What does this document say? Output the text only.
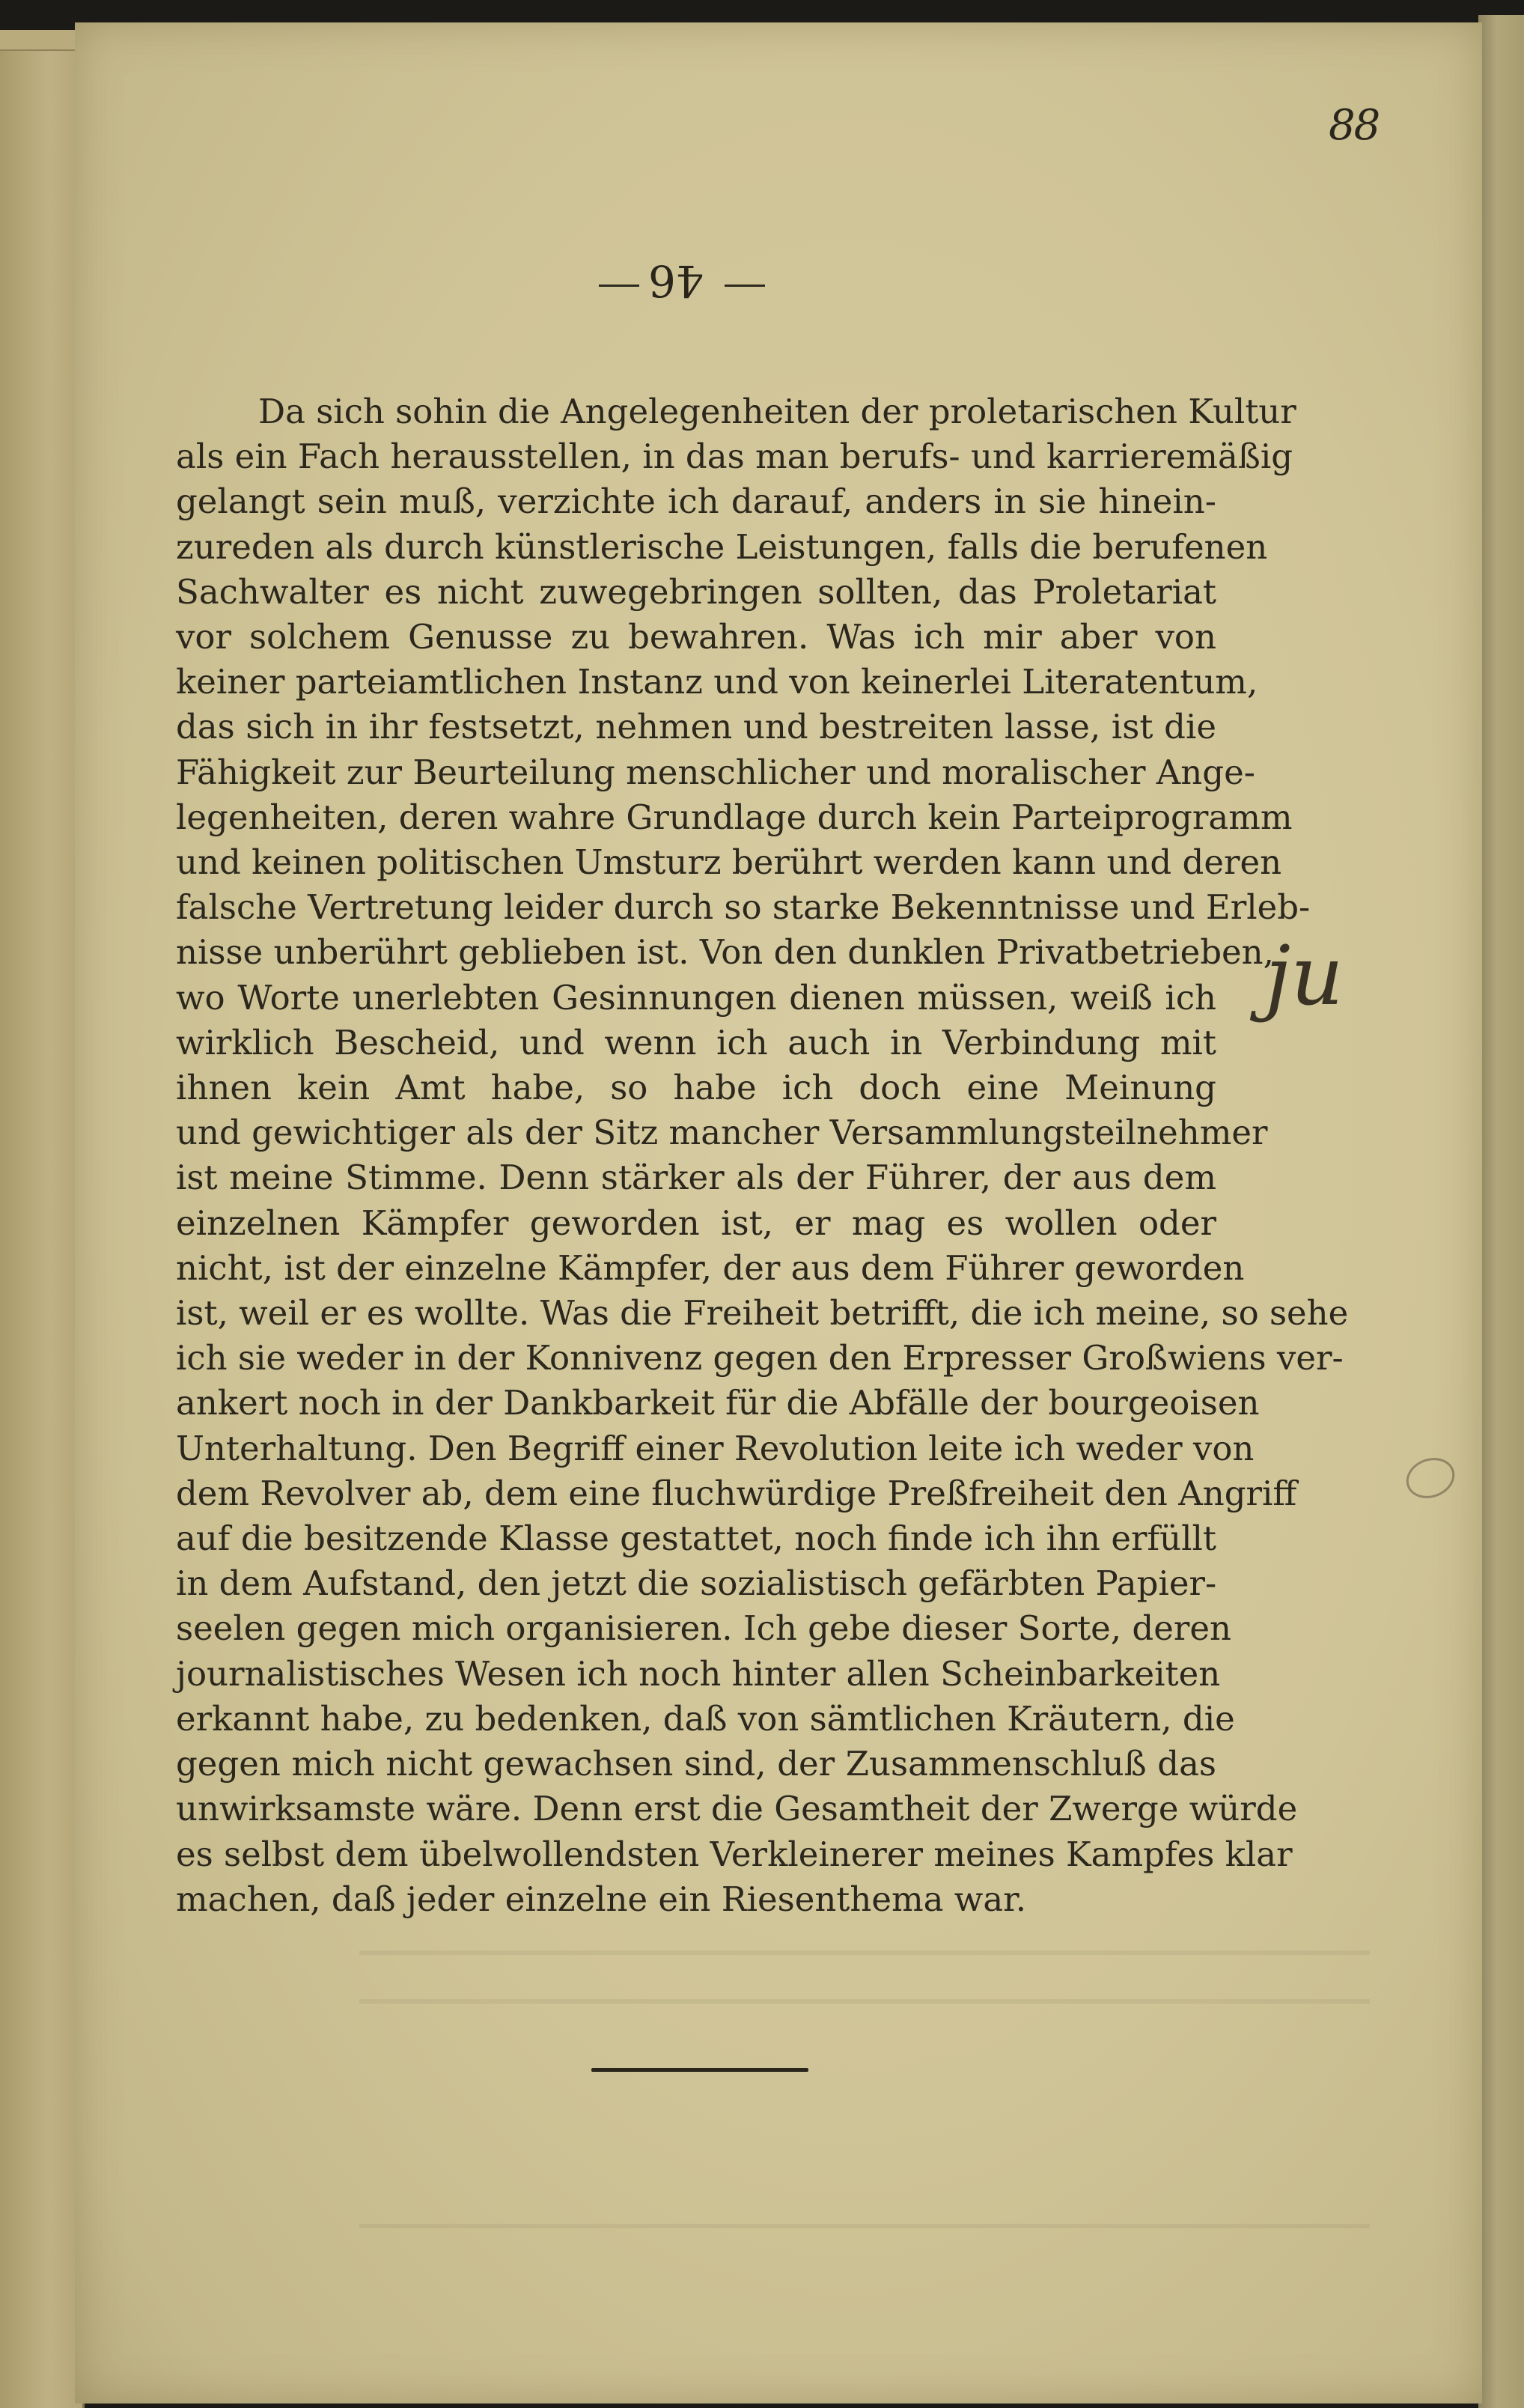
88
46

Da sich sohin die Angelegenheiten der proletarischen Kultur
als ein Fach herausstellen, in das man berufs- und karrieremäßig
gelangt sein muß, verzichte ich darauf, anders in sie hinein-
zureden als durch künstlerische Leistungen, falls die berufenen
Sachwalter es nicht zuwegebringen sollten, das Proletariat
vor solchem Genusse zu bewahren. Was ich mir aber von
keiner parteiamtlichen Instanz und von keinerlei Literatentum,
das sich in ihr festsetzt, nehmen und bestreiten lasse, ist die
Fähigkeit zur Beurteilung menschlicher und moralischer Ange-
legenheiten, deren wahre Grundlage durch kein Parteiprogramm
und keinen politischen Umsturz berührt werden kann und deren
falsche Vertretung leider durch so starke Bekenntnisse und Erleb-
nisse unberührt geblieben ist. Von den dunklen Privatbetrieben,
wo Worte unerlebten Gesinnungen dienen müssen, weiß ich
wirklich Bescheid, und wenn ich auch in Verbindung mit
ihnen kein Amt habe, so habe ich doch eine Meinung
und gewichtiger als der Sitz mancher Versammlungsteilnehmer
ist meine Stimme. Denn stärker als der Führer, der aus dem
einzelnen Kämpfer geworden ist, er mag es wollen oder
nicht, ist der einzelne Kämpfer, der aus dem Führer geworden
ist, weil er es wollte. Was die Freiheit betrifft, die ich meine, so sehe
ich sie weder in der Konnivenz gegen den Erpresser Großwiens ver-
ankert noch in der Dankbarkeit für die Abfälle der bourgeoisen
Unterhaltung. Den Begriff einer Revolution leite ich weder von
dem Revolver ab, dem eine fluchwürdige Preßfreiheit den Angriff
auf die besitzende Klasse gestattet, noch finde ich ihn erfüllt
in dem Aufstand, den jetzt die sozialistisch gefärbten Papier-
seelen gegen mich organisieren. Ich gebe dieser Sorte, deren
journalistisches Wesen ich noch hinter allen Scheinbarkeiten
erkannt habe, zu bedenken, daß von sämtlichen Kräutern, die
gegen mich nicht gewachsen sind, der Zusammenschluß das
unwirksamste wäre. Denn erst die Gesamtheit der Zwerge würde
es selbst dem übelwollendsten Verkleinerer meines Kampfes klar
machen, daß jeder einzelne ein Riesenthema war.

ju
